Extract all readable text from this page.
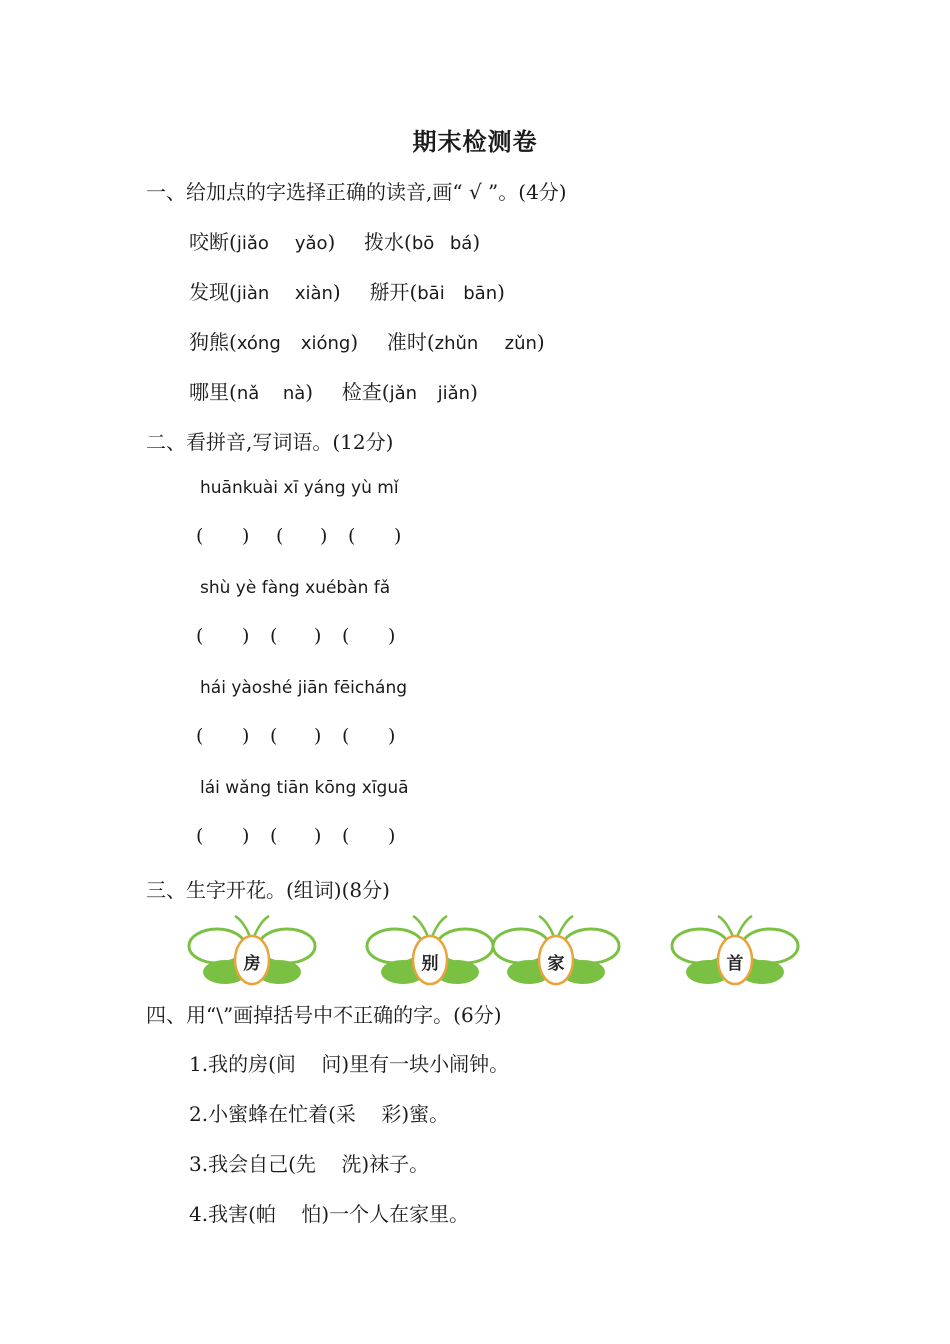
期末检测卷
一、给加点的字选择正确的读音,画“ √ ”。(4分)
咬断(jiǎo yǎo)  拨水(bō bá)
发现(jiàn xiàn)  掰开(bāi bān)
狗熊(xóng xióng)  准时(zhǔn zǔn)
哪里(nǎ nà)  检查(jǎn jiǎn)
二、看拼音,写词语。(12分)
huānkuài xī yáng yù mǐ
( ) ( ) ( )
shù yè fàng xuébàn fǎ
( ) ( ) ( )
hái yàoshé jiān fēicháng
( ) ( ) ( )
lái wǎng tiān kōng xīguā
( ) ( ) ( )
三、生字开花。(组词)(8分)
房	别	家	首
四、用“\”画掉括号中不正确的字。(6分)
1.我的房(间    问)里有一块小闹钟。
2.小蜜蜂在忙着(采    彩)蜜。
3.我会自己(先    洗)袜子。
4.我害(帕    怕)一个人在家里。
